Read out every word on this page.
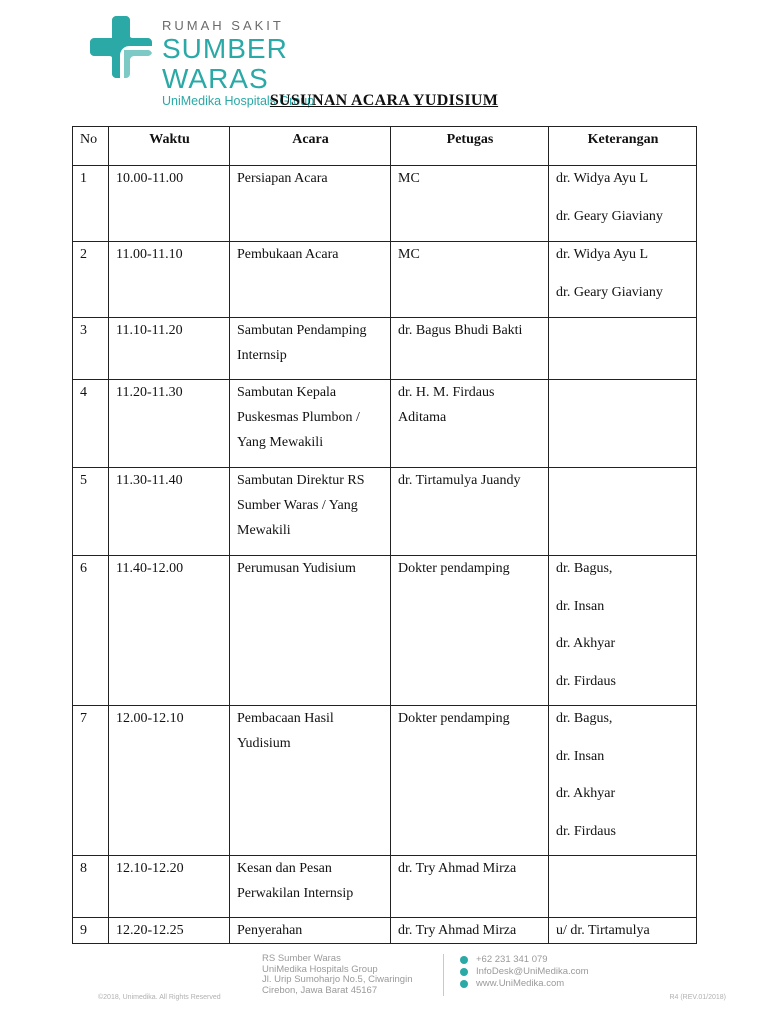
RUMAH SAKIT
SUMBER WARAS
UniMedika Hospitals Group
SUSUNAN ACARA YUDISIUM
No	Waktu	Acara	Petugas	Keterangan
1	10.00-11.00	Persiapan Acara	MC	dr. Widya Ayu L
dr. Geary Giaviany

2	11.00-11.10	Pembukaan Acara	MC	dr. Widya Ayu L
dr. Geary Giaviany

3	11.10-11.20	Sambutan Pendamping
Internsip	dr. Bagus Bhudi Bakti	

4	11.20-11.30	Sambutan Kepala
Puskesmas Plumbon /
Yang Mewakili	dr. H. M. Firdaus
Aditama	

5	11.30-11.40	Sambutan Direktur RS
Sumber Waras / Yang
Mewakili	dr. Tirtamulya Juandy	

6	11.40-12.00	Perumusan Yudisium	Dokter pendamping	dr. Bagus,
dr. Insan
dr. Akhyar
dr. Firdaus

7	12.00-12.10	Pembacaan Hasil
Yudisium	Dokter pendamping	dr. Bagus,
dr. Insan
dr. Akhyar
dr. Firdaus

8	12.10-12.20	Kesan dan Pesan
Perwakilan Internsip	dr. Try Ahmad Mirza	

9	12.20-12.25	Penyerahan	dr. Try Ahmad Mirza	u/ dr. Tirtamulya
RS Sumber Waras
UniMedika Hospitals Group
Jl. Urip Sumoharjo No.5, Ciwaringin
Cirebon, Jawa Barat 45167
+62 231 341 079
InfoDesk@UniMedika.com
www.UniMedika.com
©2018, Unimedika. All Rights Reserved	R4 (REV.01/2018)
